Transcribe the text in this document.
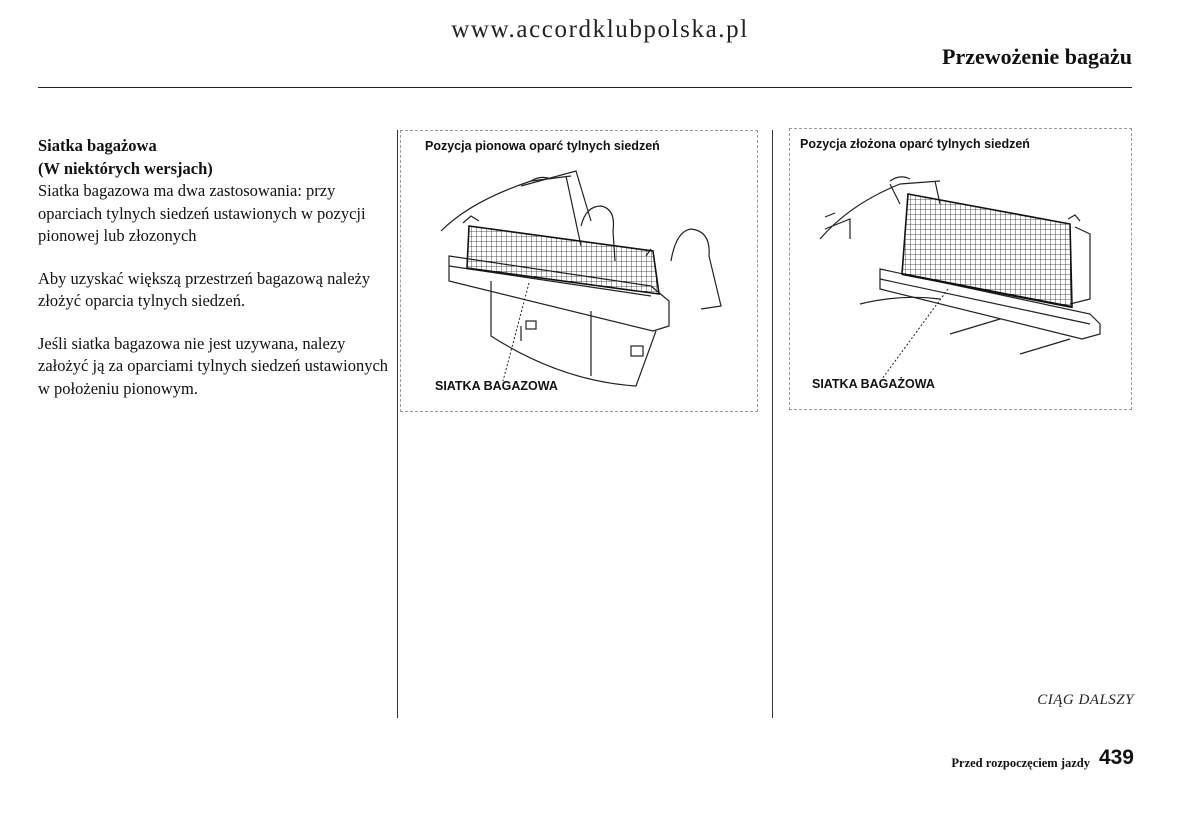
www.accordklubpolska.pl
Przewożenie bagażu
Siatka bagażowa
(W niektórych wersjach)

Siatka bagazowa ma dwa zastosowania: przy oparciach tylnych siedzeń ustawionych w pozycji pionowej lub złozonych

Aby uzyskać większą przestrzeń bagazową należy złożyć oparcia tylnych siedzeń.

Jeśli siatka bagazowa nie jest uzywana, nalezy założyć ją za oparciami tylnych siedzeń ustawionych w położeniu pionowym.

Pozycja pionowa oparć tylnych siedzeń
SIATKA BAGAZOWA
Pozycja złożona oparć tylnych siedzeń
SIATKA BAGAŻOWA
CIĄG DALSZY
Przed rozpoczęciem jazdy 439
